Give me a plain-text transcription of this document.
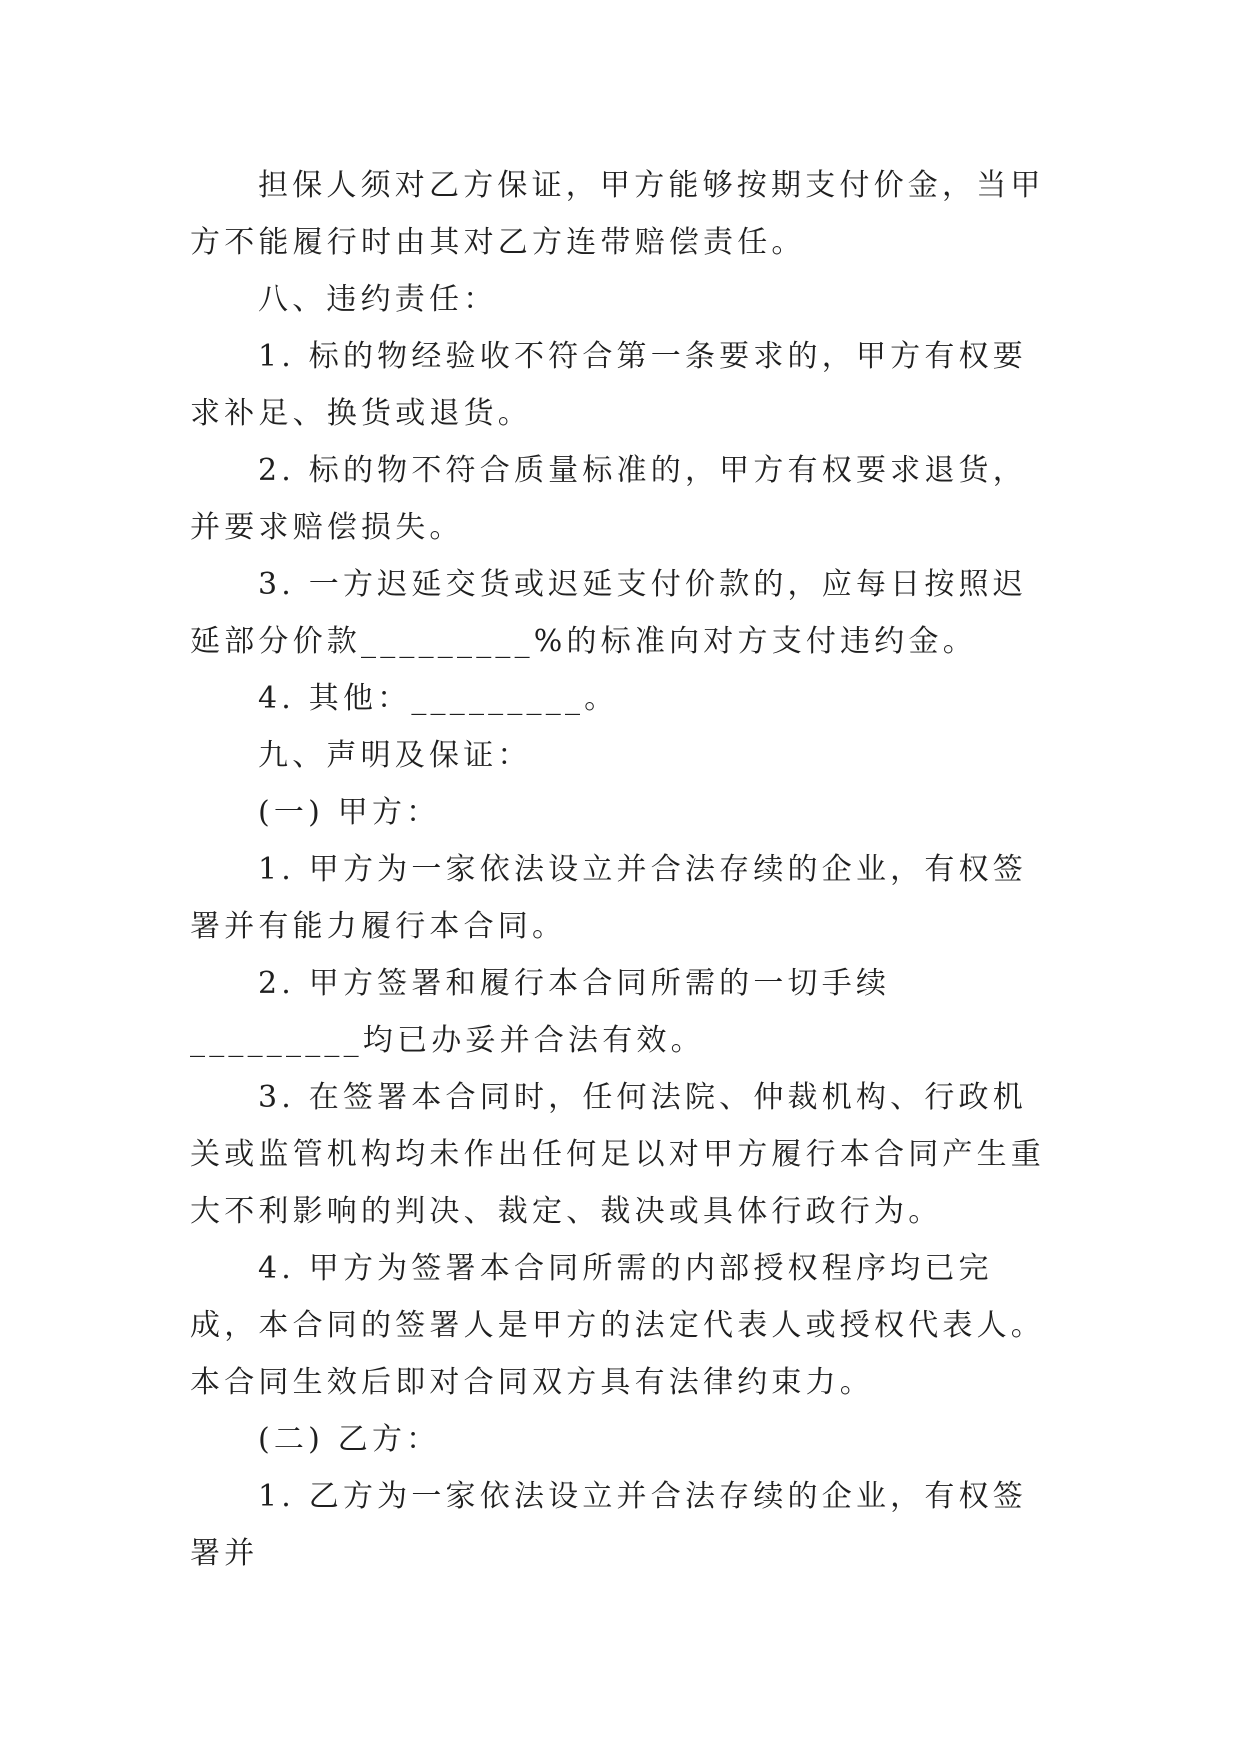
担保人须对乙方保证，甲方能够按期支付价金，当甲方不能履行时由其对乙方连带赔偿责任。

八、违约责任：

1. 标的物经验收不符合第一条要求的，甲方有权要求补足、换货或退货。

2. 标的物不符合质量标准的，甲方有权要求退货，并要求赔偿损失。

3. 一方迟延交货或迟延支付价款的，应每日按照迟延部分价款_________%的标准向对方支付违约金。

4. 其他：_________。

九、声明及保证：

(一) 甲方：

1. 甲方为一家依法设立并合法存续的企业，有权签署并有能力履行本合同。

2. 甲方签署和履行本合同所需的一切手续_________均已办妥并合法有效。

3. 在签署本合同时，任何法院、仲裁机构、行政机关或监管机构均未作出任何足以对甲方履行本合同产生重大不利影响的判决、裁定、裁决或具体行政行为。

4. 甲方为签署本合同所需的内部授权程序均已完成，本合同的签署人是甲方的法定代表人或授权代表人。本合同生效后即对合同双方具有法律约束力。

(二) 乙方：

1. 乙方为一家依法设立并合法存续的企业，有权签署并
